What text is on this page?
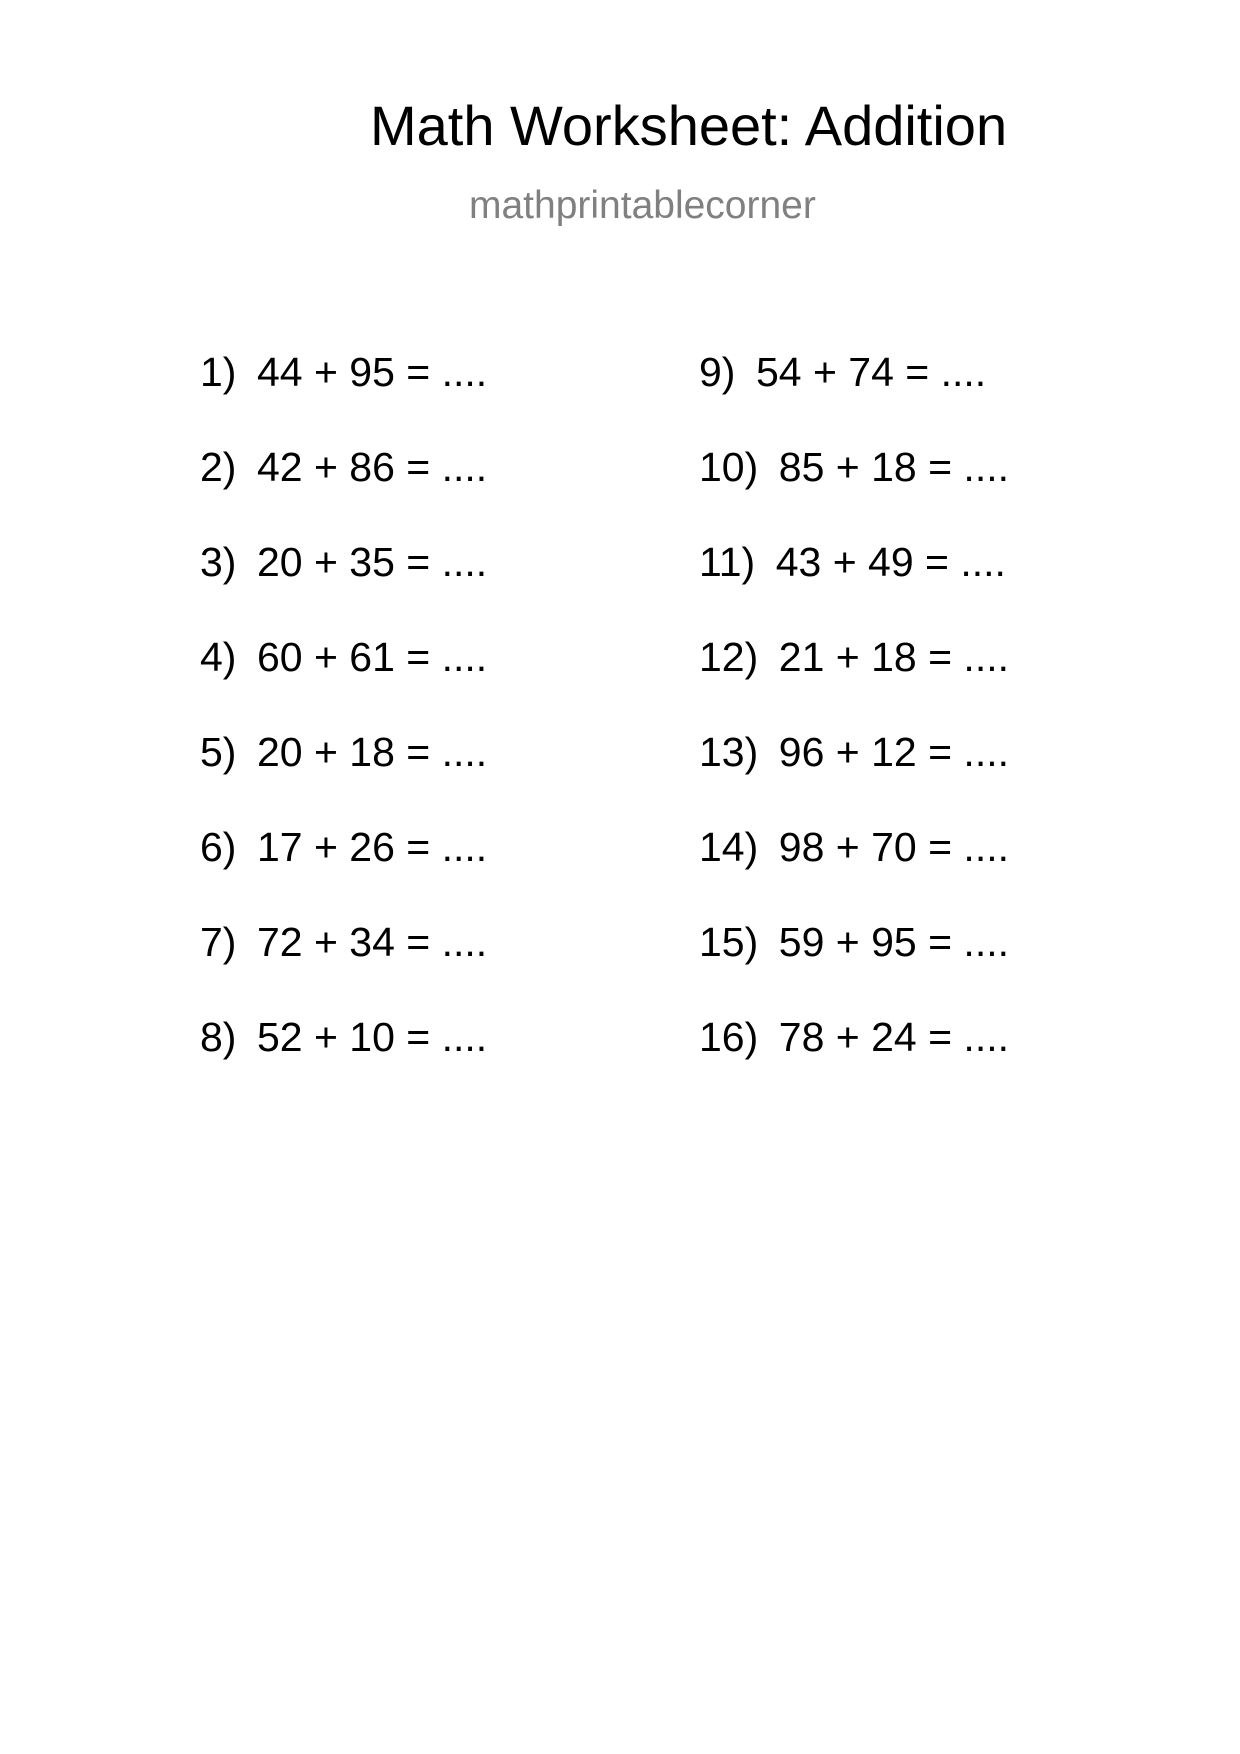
Math Worksheet: Addition
mathprintablecorner
1) 44 + 95 = ....
2) 42 + 86 = ....
3) 20 + 35 = ....
4) 60 + 61 = ....
5) 20 + 18 = ....
6) 17 + 26 = ....
7) 72 + 34 = ....
8) 52 + 10 = ....
9) 54 + 74 = ....
10) 85 + 18 = ....
11) 43 + 49 = ....
12) 21 + 18 = ....
13) 96 + 12 = ....
14) 98 + 70 = ....
15) 59 + 95 = ....
16) 78 + 24 = ....
